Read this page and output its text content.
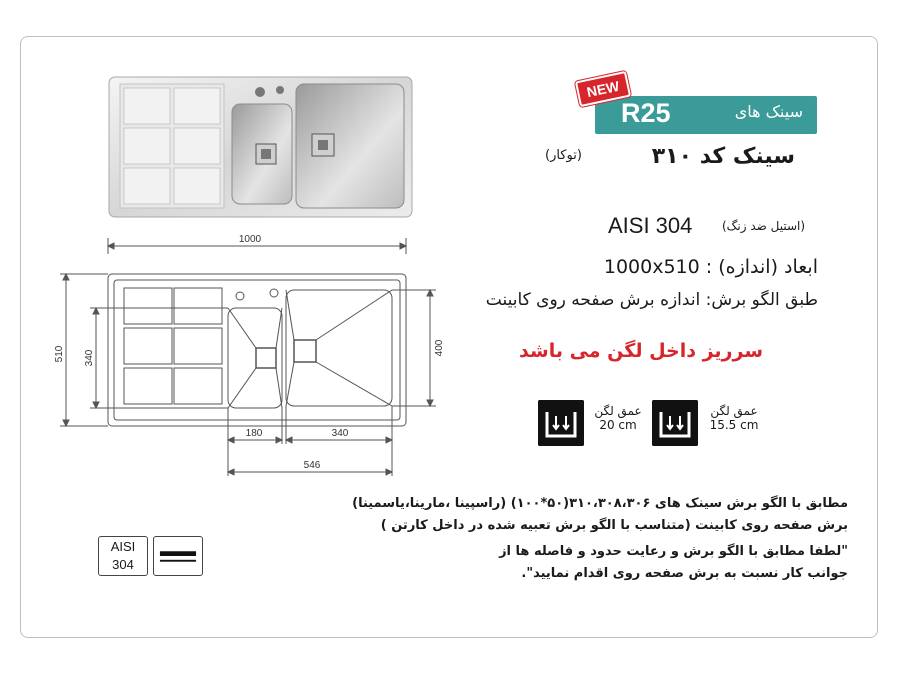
R25	سینک های
NEW
سینک کد ۳۱۰
(توکار)
AISI 304 (استیل ضد زنگ)
1000x510 : ابعاد (اندازه)
طبق الگو برش: اندازه برش صفحه روی کابینت
سرریز داخل لگن می باشد
عمق لگن
15.5 cm
عمق لگن
20 cm
1000
510 340
400
180	340
546
مطابق با الگو برش سینک های ۳۱۰،۳۰۸،۳۰۶(۵۰*۱۰۰) (راسپینا ،مارینا،یاسمینا)
برش صفحه روی کابینت (متناسب با الگو برش تعبیه شده در داخل کارتن )
"لطفا مطابق با الگو برش و رعایت حدود و فاصله ها از
جوانب کار نسبت به برش صفحه روی اقدام نمایید".
AISI
304
